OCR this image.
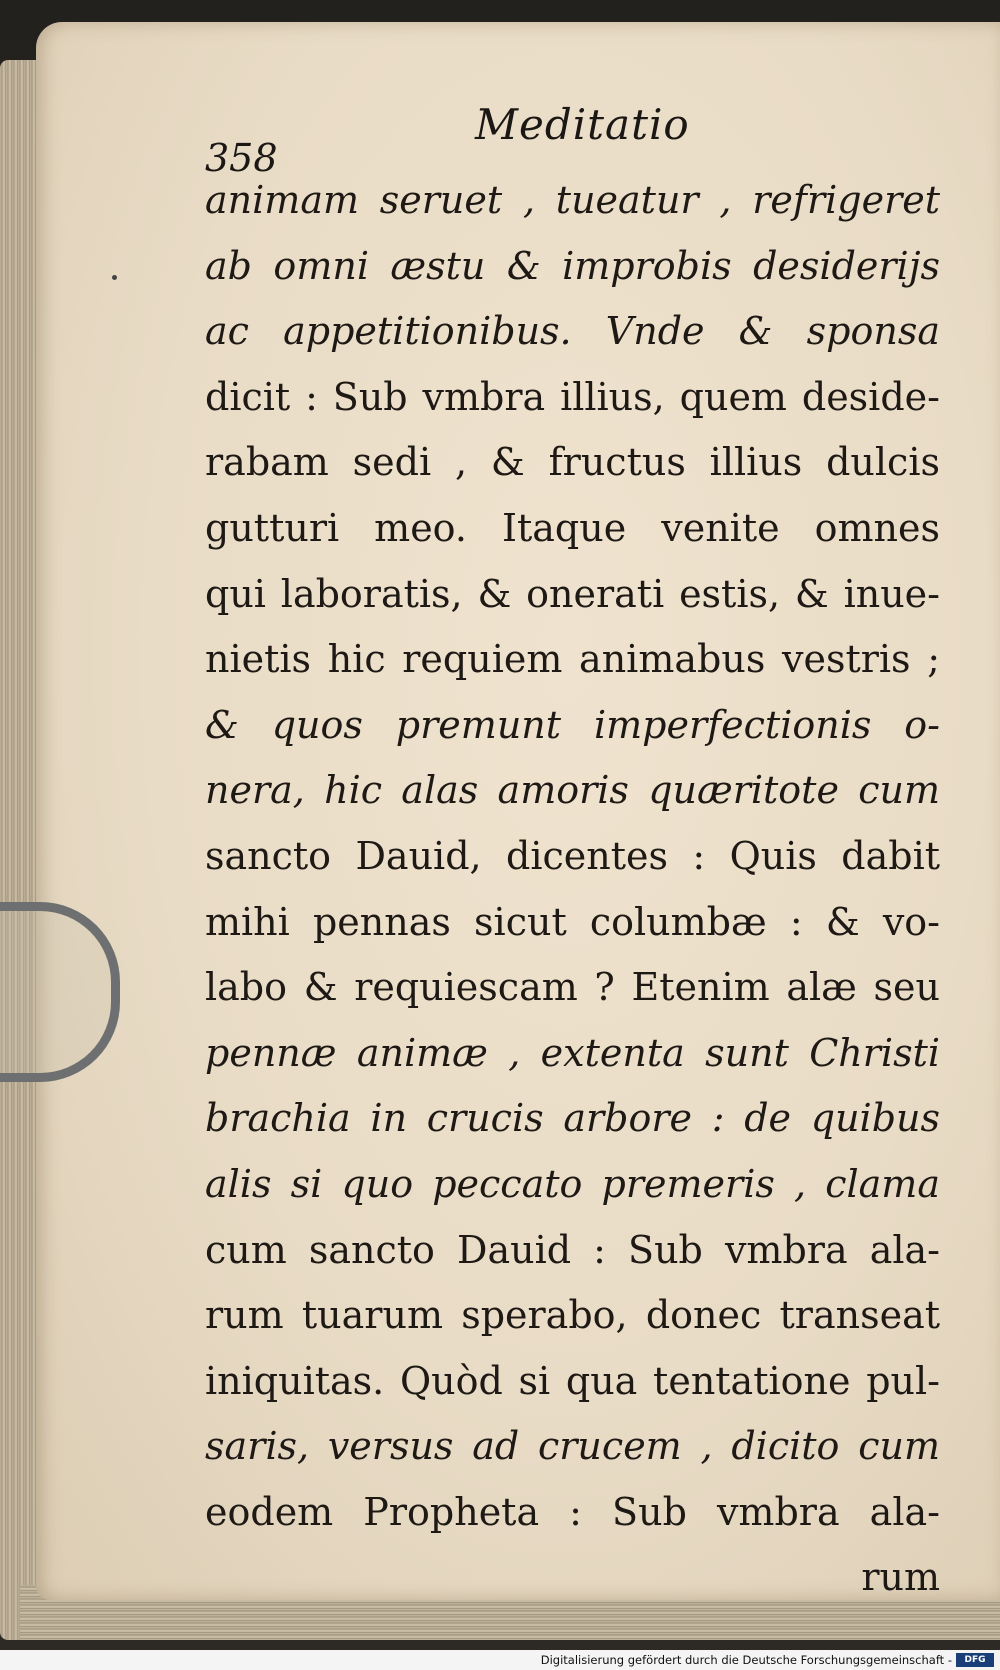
358
Meditatio
animam seruet , tueatur , refrigeret
ab omni æstu & improbis desiderijs
ac appetitionibus. Vnde & sponsa
dicit : Sub vmbra illius, quem deside-
rabam sedi , & fructus illius dulcis
gutturi meo. Itaque venite omnes
qui laboratis, & onerati estis, & inue-
nietis hic requiem animabus vestris ;
& quos premunt imperfectionis o-
nera, hic alas amoris quæritote cum
sancto Dauid, dicentes : Quis dabit
mihi pennas sicut columbæ : & vo-
labo & requiescam ? Etenim alæ seu
pennæ animæ , extenta sunt Christi
brachia in crucis arbore : de quibus
alis si quo peccato premeris , clama
cum sancto Dauid : Sub vmbra ala-
rum tuarum sperabo, donec transeat
iniquitas. Quòd si qua tentatione pul-
saris, versus ad crucem , dicito cum
eodem Propheta : Sub vmbra ala-
rum
Digitalisierung gefördert durch die Deutsche Forschungsgemeinschaft -	DFG
